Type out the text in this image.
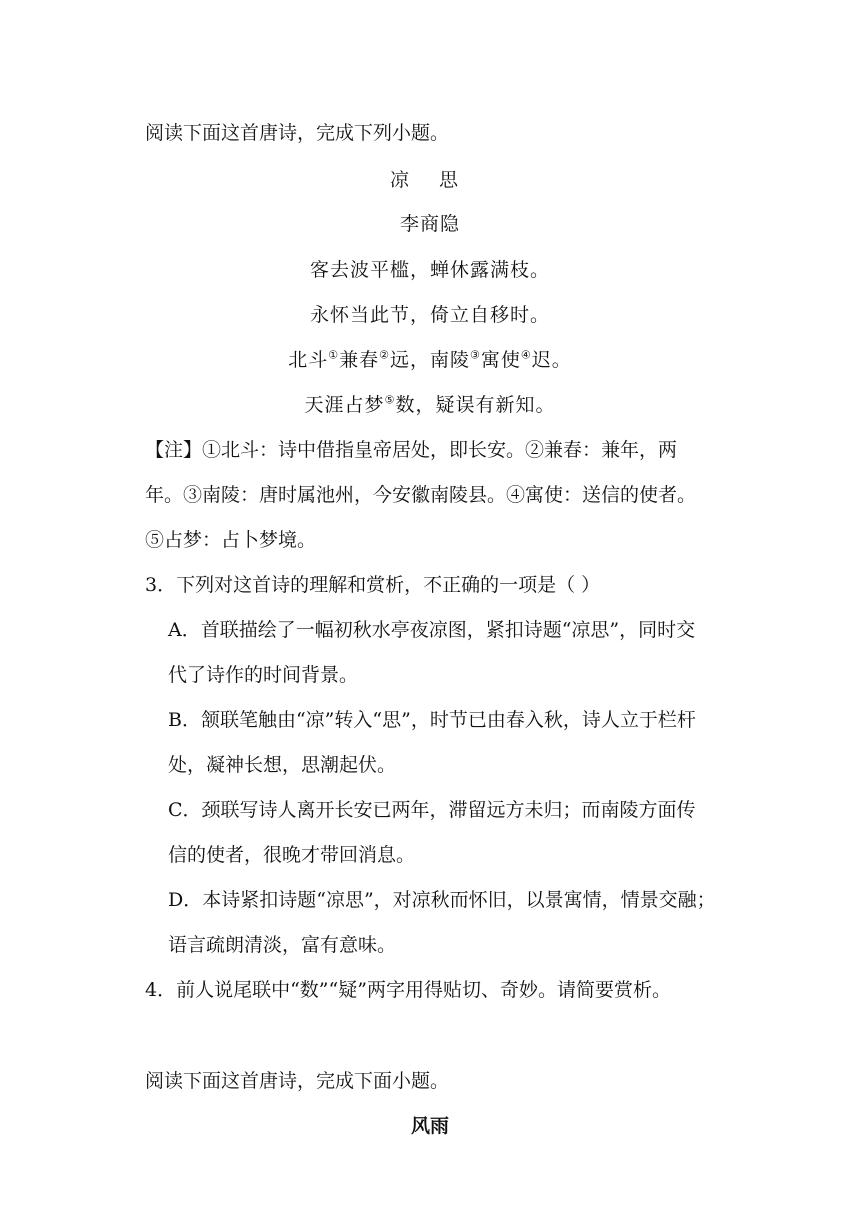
阅读下面这首唐诗，完成下列小题。
凉 思
李商隐
客去波平槛，蝉休露满枝。
永怀当此节，倚立自移时。
北斗①兼春②远，南陵③寓使④迟。
天涯占梦⑤数，疑误有新知。
【注】①北斗：诗中借指皇帝居处，即长安。②兼春：兼年，两
年。③南陵：唐时属池州，今安徽南陵县。④寓使：送信的使者。
⑤占梦：占卜梦境。
3．下列对这首诗的理解和赏析，不正确的一项是（ ）
A．首联描绘了一幅初秋水亭夜凉图，紧扣诗题“凉思”，同时交
代了诗作的时间背景。
B．颔联笔触由“凉”转入“思”，时节已由春入秋，诗人立于栏杆
处，凝神长想，思潮起伏。
C．颈联写诗人离开长安已两年，滞留远方未归；而南陵方面传
信的使者，很晚才带回消息。
D．本诗紧扣诗题“凉思”，对凉秋而怀旧，以景寓情，情景交融；
语言疏朗清淡，富有意味。
4．前人说尾联中“数”“疑”两字用得贴切、奇妙。请简要赏析。
阅读下面这首唐诗，完成下面小题。
风雨
